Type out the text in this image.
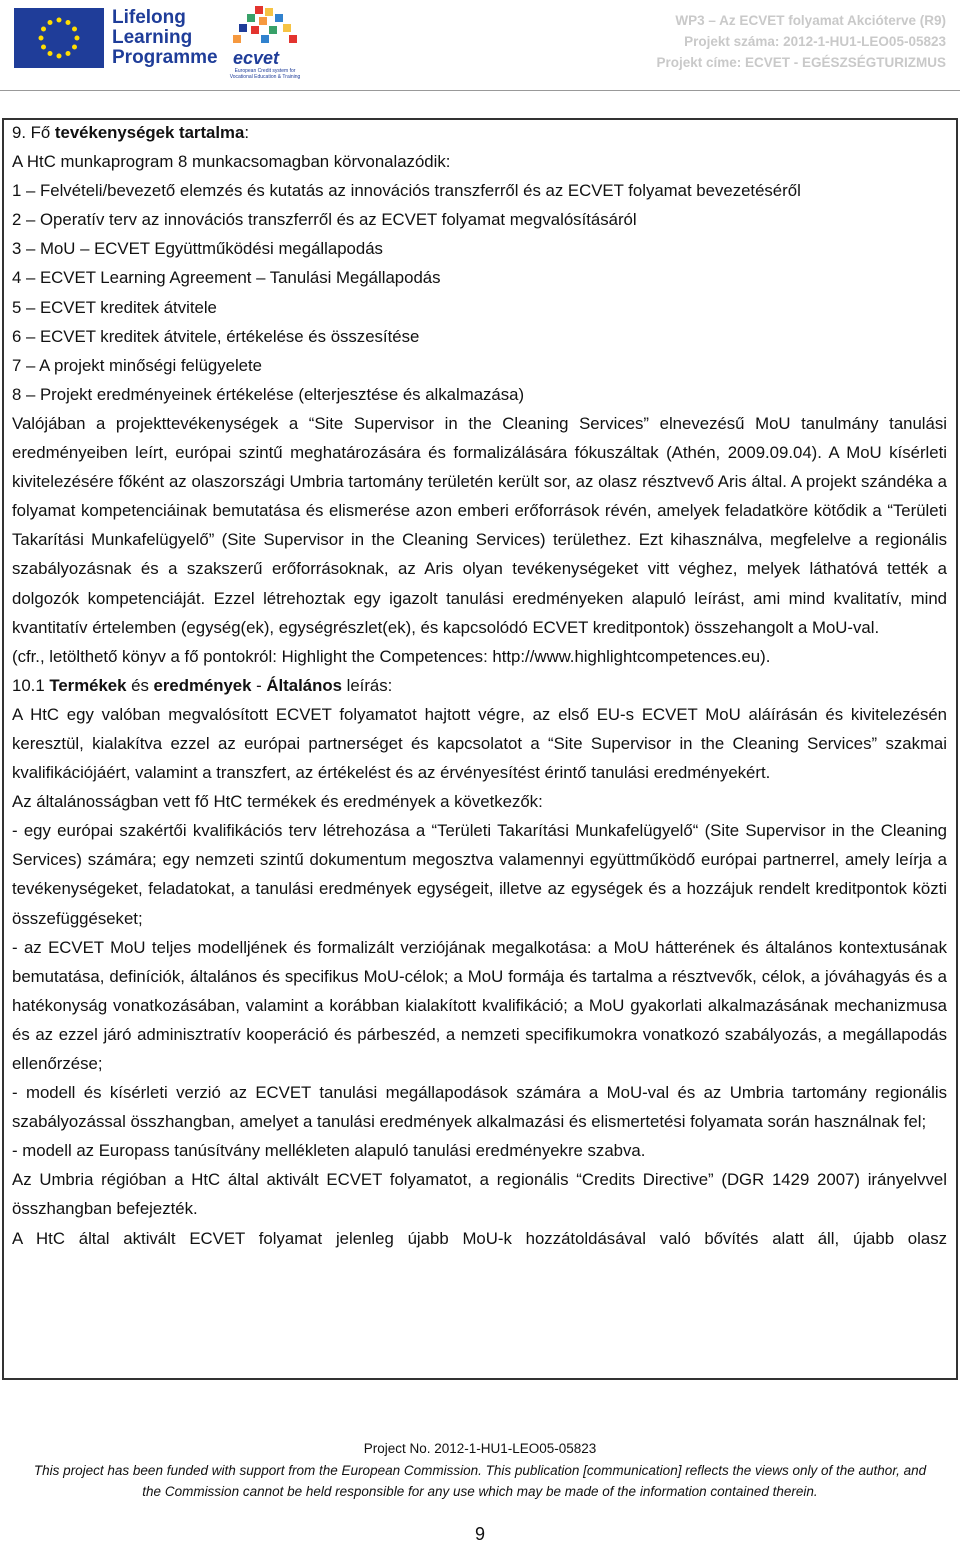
Lifelong
Learning
Programme ecvet
European Credit system for Vocational Education & Training
WP3 – Az ECVET folyamat Akcióterve (R9)
Projekt száma: 2012-1-HU1-LEO05-05823
Projekt címe: ECVET - EGÉSZSÉGTURIZMUS

9. Fő tevékenységek tartalma:

A HtC munkaprogram 8 munkacsomagban körvonalazódik:

1 – Felvételi/bevezető elemzés és kutatás az innovációs transzferről és az ECVET folyamat bevezetéséről

2 – Operatív terv az innovációs transzferről és az ECVET folyamat megvalósításáról

3 – MoU – ECVET Együttműködési megállapodás

4 – ECVET Learning Agreement – Tanulási Megállapodás

5 – ECVET kreditek átvitele

6 – ECVET kreditek átvitele, értékelése és összesítése

7 – A projekt minőségi felügyelete

8 – Projekt eredményeinek értékelése (elterjesztése és alkalmazása)

Valójában a projekttevékenységek a “Site Supervisor in the Cleaning Services” elnevezésű MoU tanulmány tanulási eredményeiben leírt, európai szintű meghatározására és formalizálására fókuszáltak (Athén, 2009.09.04). A MoU kísérleti kivitelezésére főként az olaszországi Umbria tartomány területén került sor, az olasz résztvevő Aris által. A projekt szándéka a folyamat kompetenciáinak bemutatása és elismerése azon emberi erőforrások révén, amelyek feladatköre kötődik a “Területi Takarítási Munkafelügyelő” (Site Supervisor in the Cleaning Services) területhez. Ezt kihasználva, megfelelve a regionális szabályozásnak és a szakszerű erőforrásoknak, az Aris olyan tevékenységeket vitt véghez, melyek láthatóvá tették a dolgozók kompetenciáját. Ezzel létrehoztak egy igazolt tanulási eredményeken alapuló leírást, ami mind kvalitatív, mind kvantitatív értelemben (egység(ek), egységrészlet(ek), és kapcsolódó ECVET kreditpontok) összehangolt a MoU-val.

(cfr., letölthető könyv a fő pontokról: Highlight the Competences: http://www.highlightcompetences.eu).

10.1 Termékek és eredmények - Általános leírás:

A HtC egy valóban megvalósított ECVET folyamatot hajtott végre, az első EU-s ECVET MoU aláírásán és kivitelezésén keresztül, kialakítva ezzel az európai partnerséget és kapcsolatot a “Site Supervisor in the Cleaning Services” szakmai kvalifikációjáért, valamint a transzfert, az értékelést és az érvényesítést érintő tanulási eredményekért.

Az általánosságban vett fő HtC termékek és eredmények a következők:

- egy európai szakértői kvalifikációs terv létrehozása a “Területi Takarítási Munkafelügyelő“ (Site Supervisor in the Cleaning Services) számára; egy nemzeti szintű dokumentum megosztva valamennyi együttműködő európai partnerrel, amely leírja a tevékenységeket, feladatokat, a tanulási eredmények egységeit, illetve az egységek és a hozzájuk rendelt kreditpontok közti összefüggéseket;

- az ECVET MoU teljes modelljének és formalizált verziójának megalkotása: a MoU hátterének és általános kontextusának bemutatása, definíciók, általános és specifikus MoU-célok; a MoU formája és tartalma a résztvevők, célok, a jóváhagyás és a hatékonyság vonatkozásában, valamint a korábban kialakított kvalifikáció; a MoU gyakorlati alkalmazásának mechanizmusa és az ezzel járó adminisztratív kooperáció és párbeszéd, a nemzeti specifikumokra vonatkozó szabályozás, a megállapodás ellenőrzése;

- modell és kísérleti verzió az ECVET tanulási megállapodások számára a MoU-val és az Umbria tartomány regionális szabályozással összhangban, amelyet a tanulási eredmények alkalmazási és elismertetési folyamata során használnak fel;

- modell az Europass tanúsítvány mellékleten alapuló tanulási eredményekre szabva.

Az Umbria régióban a HtC által aktivált ECVET folyamatot, a regionális “Credits Directive” (DGR 1429 2007) irányelvvel összhangban befejezték.

A HtC által aktivált ECVET folyamat jelenleg újabb MoU-k hozzátoldásával való bővítés alatt áll, újabb olasz

Project No. 2012-1-HU1-LEO05-05823
This project has been funded with support from the European Commission. This publication [communication] reflects the views only of the author, and
the Commission cannot be held responsible for any use which may be made of the information contained therein.
9
